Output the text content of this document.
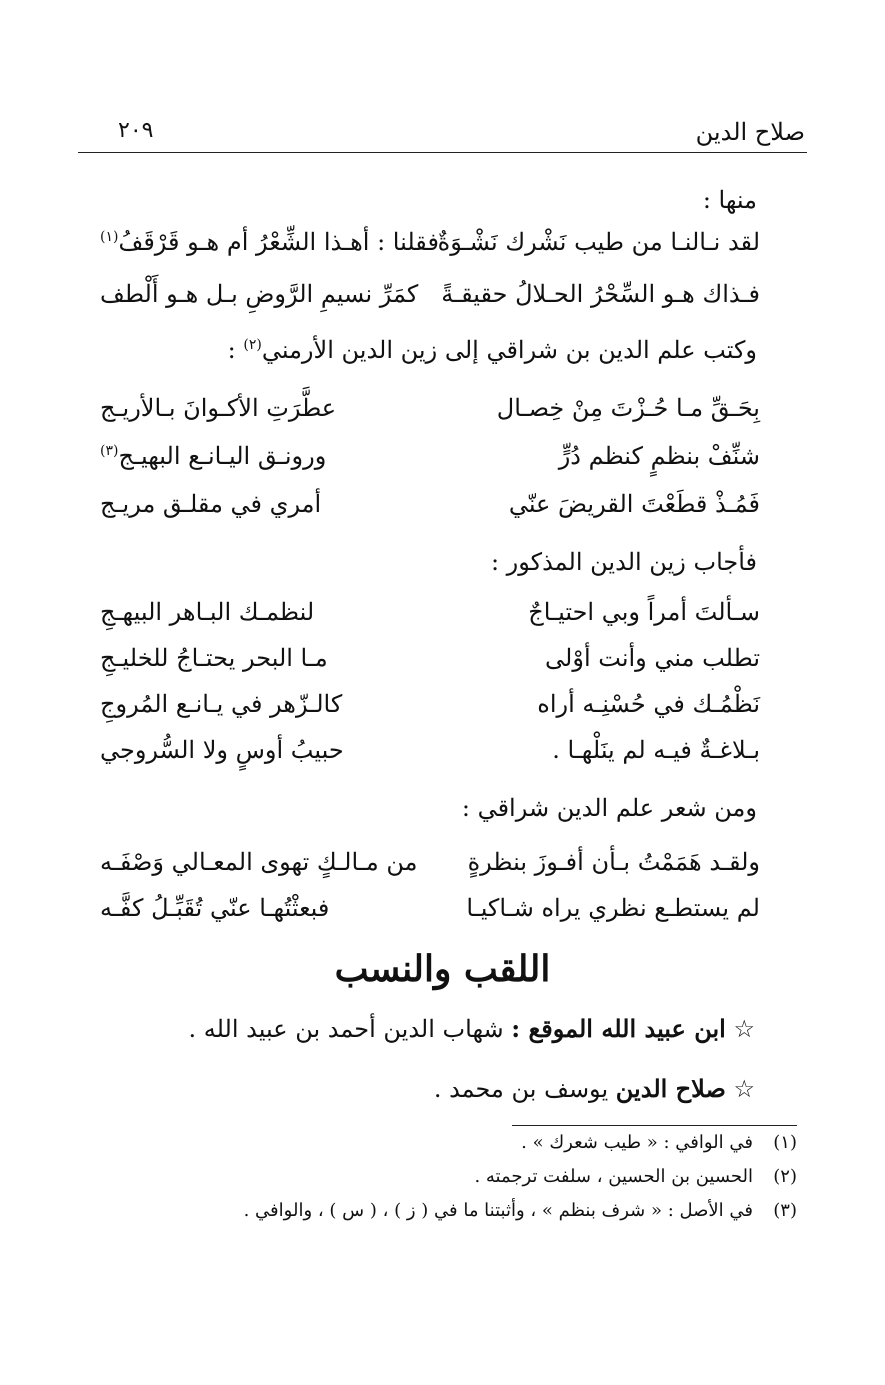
صلاح الدين
٢٠٩
منها :
لقد نـالنـا من طيب نَشْرك نَشْـوَةٌ
فقلنا : أهـذا الشِّعْرُ أم هـو قَرْقَفُ$^{(١)}$
فـذاك هـو السِّحْرُ الحـلالُ حقيقـةً
كمَرِّ نسيمِ الرَّوضِ بـل هـو أَلْطف
وكتب علم الدين بن شراقي إلى زين الدين الأرمني$^{(٢)}$ :
بِحَـقِّ مـا حُـزْتَ مِنْ خِصـال
عطَّرَتِ الأكـوانَ بـالأريـج
شنِّفْ بنظمٍ كنظم دُرٍّ
ورونـق اليـانـع البهيـج$^{(٣)}$
فَمُـذْ قطَعْتَ القريضَ عنّي
أمري في مقلـق مريـج
فأجاب زين الدين المذكور :
سـألتَ أمراً وبي احتيـاجٌ
لنظمـك البـاهر البيهـجِ
تطلب مني وأنت أوْلى
مـا البحر يحتـاجُ للخليـجِ
نَظْمُـك في حُسْنِـه أراه
كالـزّهر في يـانـع المُروجِ
بـلاغـةٌ فيـه لم ينَلْهـا .
حبيبُ أوسٍ ولا السُّروجي
ومن شعر علم الدين شراقي :
ولقـد هَمَمْتُ بـأن أفـوزَ بنظرةٍ
من مـالـكٍ تهوى المعـالي وَصْفَـه
لم يستطـع نظري يراه شـاكيـا
فبعثْتُهـا عنّي تُقَبِّـلُ كفَّـه
اللقب والنسب
☆ ابن عبيد الله الموقع : شهاب الدين أحمد بن عبيد الله .
☆ صلاح الدين يوسف بن محمد .
(١)في الوافي : « طيب شعرك » .
(٢)الحسين بن الحسين ، سلفت ترجمته .
(٣)في الأصل : « شرف بنظم » ، وأثبتنا ما في ( ز ) ، ( س ) ، والوافي .
